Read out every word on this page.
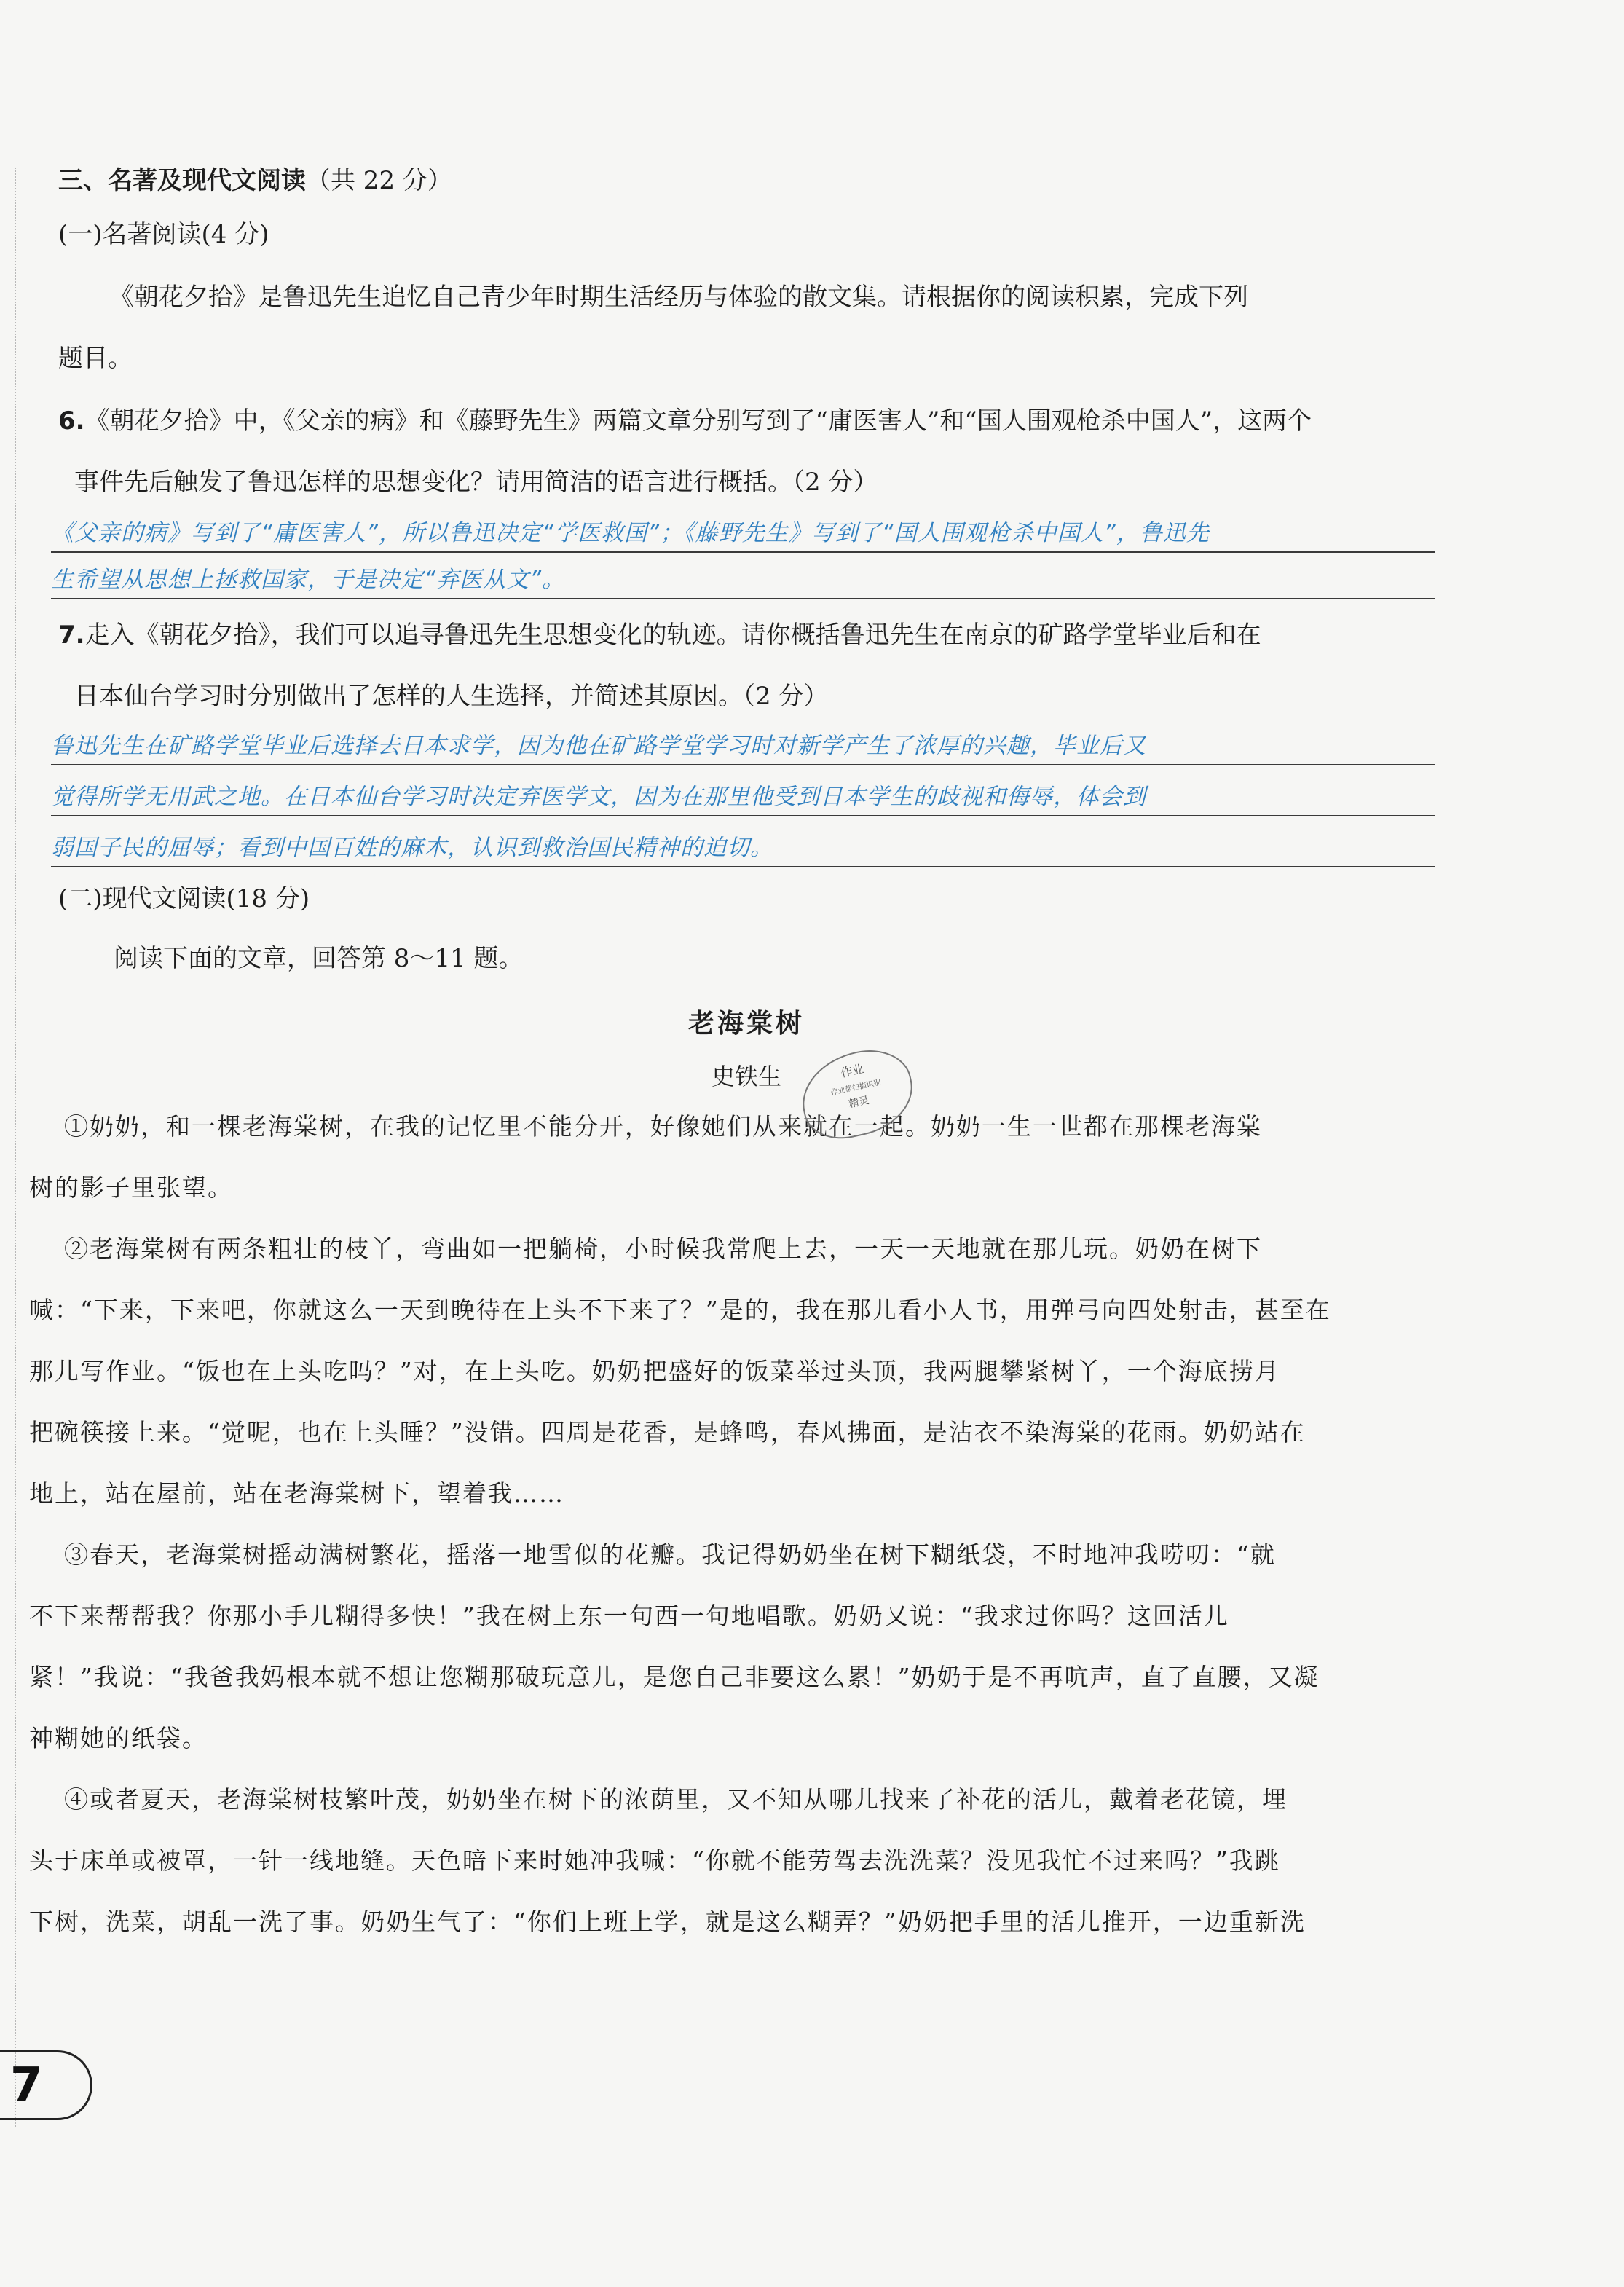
三、名著及现代文阅读（共 22 分）
(一)名著阅读(4 分)
《朝花夕拾》是鲁迅先生追忆自己青少年时期生活经历与体验的散文集。请根据你的阅读积累，完成下列
题目。
6.《朝花夕拾》中，《父亲的病》和《藤野先生》两篇文章分别写到了“庸医害人”和“国人围观枪杀中国人”，这两个
事件先后触发了鲁迅怎样的思想变化？请用简洁的语言进行概括。（2 分）
《父亲的病》写到了“庸医害人”，所以鲁迅决定“学医救国”；《藤野先生》写到了“国人围观枪杀中国人”，鲁迅先
生希望从思想上拯救国家，于是决定“弃医从文”。
7.走入《朝花夕拾》，我们可以追寻鲁迅先生思想变化的轨迹。请你概括鲁迅先生在南京的矿路学堂毕业后和在
日本仙台学习时分别做出了怎样的人生选择，并简述其原因。（2 分）
鲁迅先生在矿路学堂毕业后选择去日本求学，因为他在矿路学堂学习时对新学产生了浓厚的兴趣，毕业后又
觉得所学无用武之地。在日本仙台学习时决定弃医学文，因为在那里他受到日本学生的歧视和侮辱，体会到
弱国子民的屈辱；看到中国百姓的麻木，认识到救治国民精神的迫切。
(二)现代文阅读(18 分)
阅读下面的文章，回答第 8～11 题。
老海棠树
史铁生
①奶奶，和一棵老海棠树，在我的记忆里不能分开，好像她们从来就在一起。奶奶一生一世都在那棵老海棠
树的影子里张望。
②老海棠树有两条粗壮的枝丫，弯曲如一把躺椅，小时候我常爬上去，一天一天地就在那儿玩。奶奶在树下
喊：“下来，下来吧，你就这么一天到晚待在上头不下来了？”是的，我在那儿看小人书，用弹弓向四处射击，甚至在
那儿写作业。“饭也在上头吃吗？”对，在上头吃。奶奶把盛好的饭菜举过头顶，我两腿攀紧树丫，一个海底捞月
把碗筷接上来。“觉呢，也在上头睡？”没错。四周是花香，是蜂鸣，春风拂面，是沾衣不染海棠的花雨。奶奶站在
地上，站在屋前，站在老海棠树下，望着我……
③春天，老海棠树摇动满树繁花，摇落一地雪似的花瓣。我记得奶奶坐在树下糊纸袋，不时地冲我唠叨：“就
不下来帮帮我？你那小手儿糊得多快！”我在树上东一句西一句地唱歌。奶奶又说：“我求过你吗？这回活儿
紧！”我说：“我爸我妈根本就不想让您糊那破玩意儿，是您自己非要这么累！”奶奶于是不再吭声，直了直腰，又凝
神糊她的纸袋。
④或者夏天，老海棠树枝繁叶茂，奶奶坐在树下的浓荫里，又不知从哪儿找来了补花的活儿，戴着老花镜，埋
头于床单或被罩，一针一线地缝。天色暗下来时她冲我喊：“你就不能劳驾去洗洗菜？没见我忙不过来吗？”我跳
下树，洗菜，胡乱一洗了事。奶奶生气了：“你们上班上学，就是这么糊弄？”奶奶把手里的活儿推开，一边重新洗
作业
作业帮扫描识别
精灵
7
